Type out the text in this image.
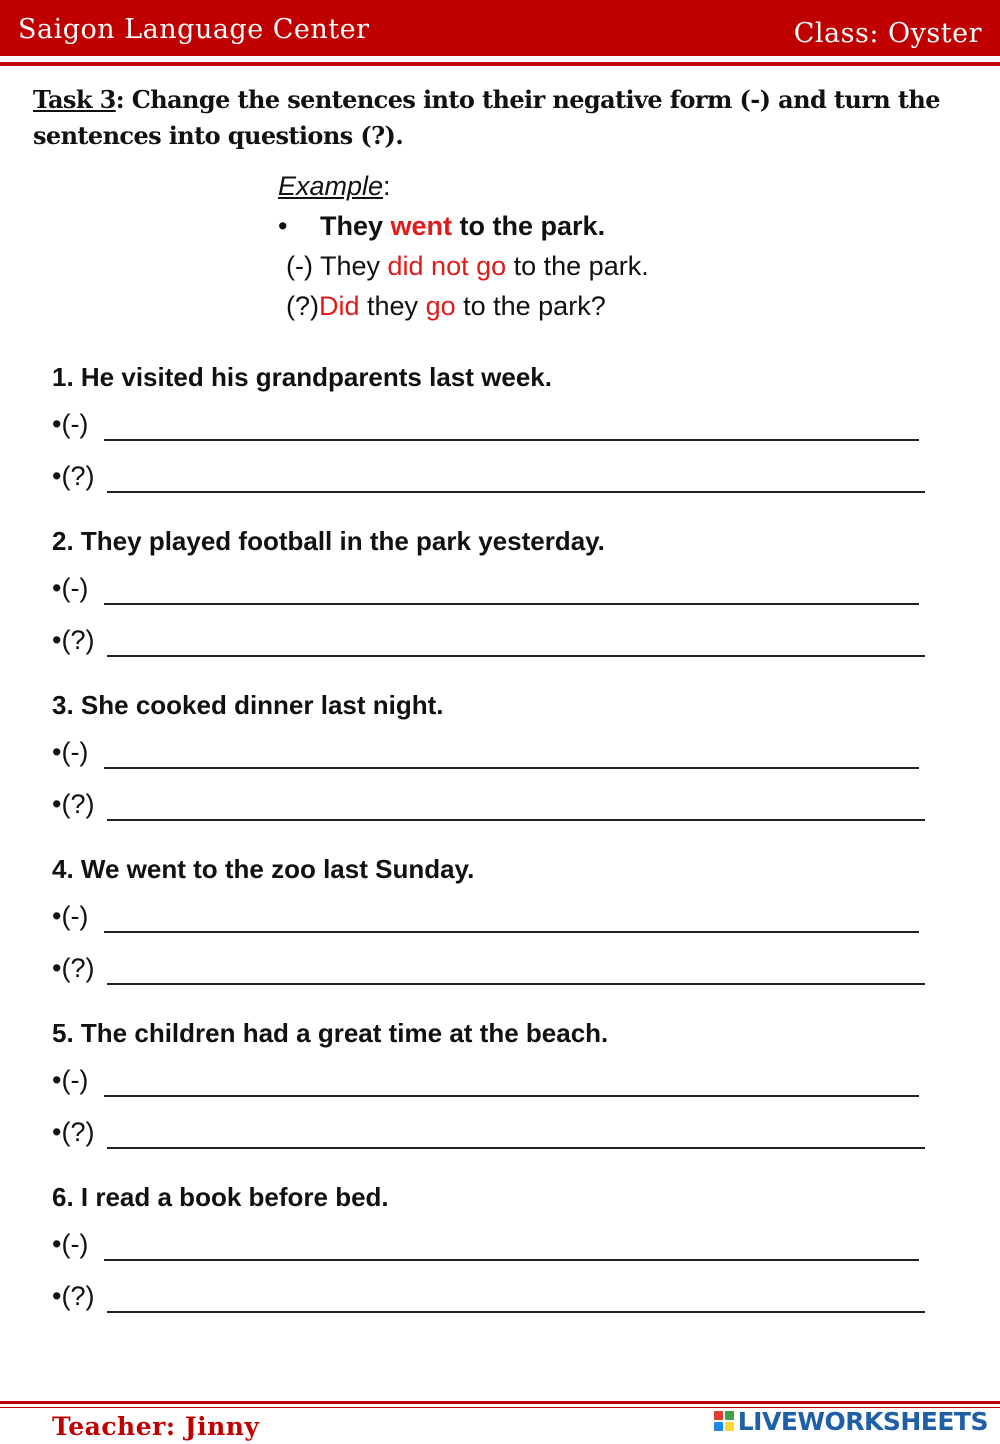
Saigon Language Center	Class: Oyster
Task 3: Change the sentences into their negative form (-) and turn the sentences into questions (?).
Example:
• They went to the park.
(-) They did not go to the park.
(?)Did they go to the park?
1. He visited his grandparents last week.
•(-)
•(?)
2. They played football in the park yesterday.
•(-)
•(?)
3. She cooked dinner last night.
•(-)
•(?)
4. We went to the zoo last Sunday.
•(-)
•(?)
5. The children had a great time at the beach.
•(-)
•(?)
6. I read a book before bed.
•(-)
•(?)
Teacher: Jinny	LIVEWORKSHEETS
